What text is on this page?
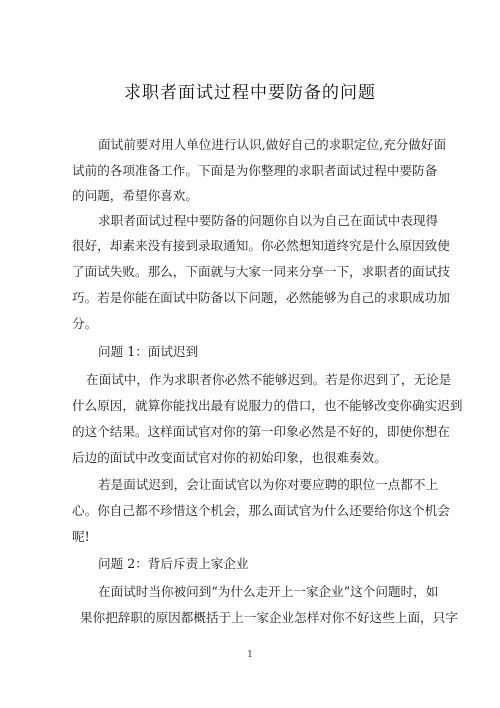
求职者面试过程中要防备的问题
面试前要对用人单位进行认识,做好自己的求职定位,充分做好面
试前的各项准备工作。下面是为你整理的求职者面试过程中要防备
的问题，希望你喜欢。
求职者面试过程中要防备的问题你自以为自己在面试中表现得
很好，却素来没有接到录取通知。你必然想知道终究是什么原因致使
了面试失败。那么，下面就与大家一同来分享一下，求职者的面试技
巧。若是你能在面试中防备以下问题，必然能够为自己的求职成功加
分。
问题 1：面试迟到
在面试中，作为求职者你必然不能够迟到。若是你迟到了，无论是
什么原因，就算你能找出最有说服力的借口，也不能够改变你确实迟到
的这个结果。这样面试官对你的第一印象必然是不好的，即使你想在
后边的面试中改变面试官对你的初始印象，也很难奏效。
若是面试迟到，会让面试官以为你对要应聘的职位一点都不上
心。你自己都不珍惜这个机会，那么面试官为什么还要给你这个机会
呢!
问题 2：背后斥责上家企业
在面试时当你被问到“为什么走开上一家企业”这个问题时，如
果你把辞职的原因都概括于上一家企业怎样对你不好这些上面，只字
1
